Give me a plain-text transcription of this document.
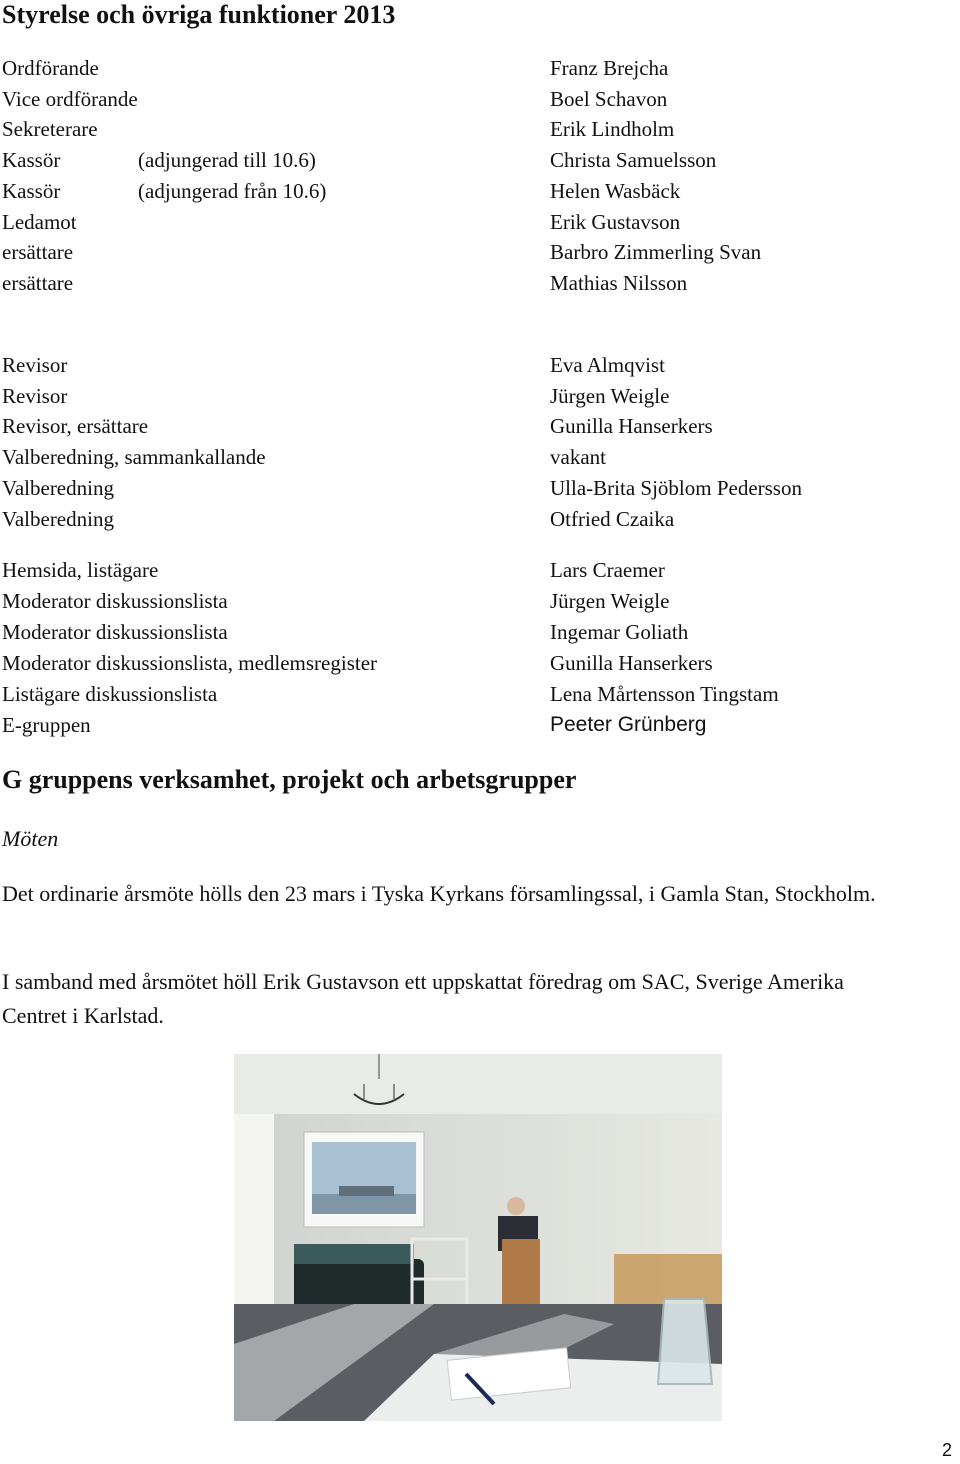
Styrelse och övriga funktioner 2013
Ordförande	Franz Brejcha
Vice ordförande	Boel Schavon
Sekreterare	Erik Lindholm
Kassör	(adjungerad till 10.6)	Christa Samuelsson
Kassör	(adjungerad från 10.6)	Helen Wasbäck
Ledamot	Erik Gustavson
ersättare	Barbro Zimmerling Svan
ersättare	Mathias Nilsson
Revisor	Eva Almqvist
Revisor	Jürgen Weigle
Revisor, ersättare	Gunilla Hanserkers
Valberedning, sammankallande	vakant
Valberedning	Ulla-Brita Sjöblom Pedersson
Valberedning	Otfried Czaika
Hemsida, listägare	Lars Craemer
Moderator diskussionslista	Jürgen Weigle
Moderator diskussionslista	Ingemar Goliath
Moderator diskussionslista, medlemsregister	Gunilla Hanserkers
Listägare diskussionslista	Lena Mårtensson Tingstam
E-gruppen	Peeter Grünberg
G gruppens verksamhet, projekt och arbetsgrupper
Möten
Det ordinarie årsmöte hölls den 23 mars i Tyska Kyrkans församlingssal, i Gamla Stan, Stockholm.
I samband med årsmötet höll Erik Gustavson ett uppskattat föredrag om SAC, Sverige Amerika Centret i Karlstad.
2
